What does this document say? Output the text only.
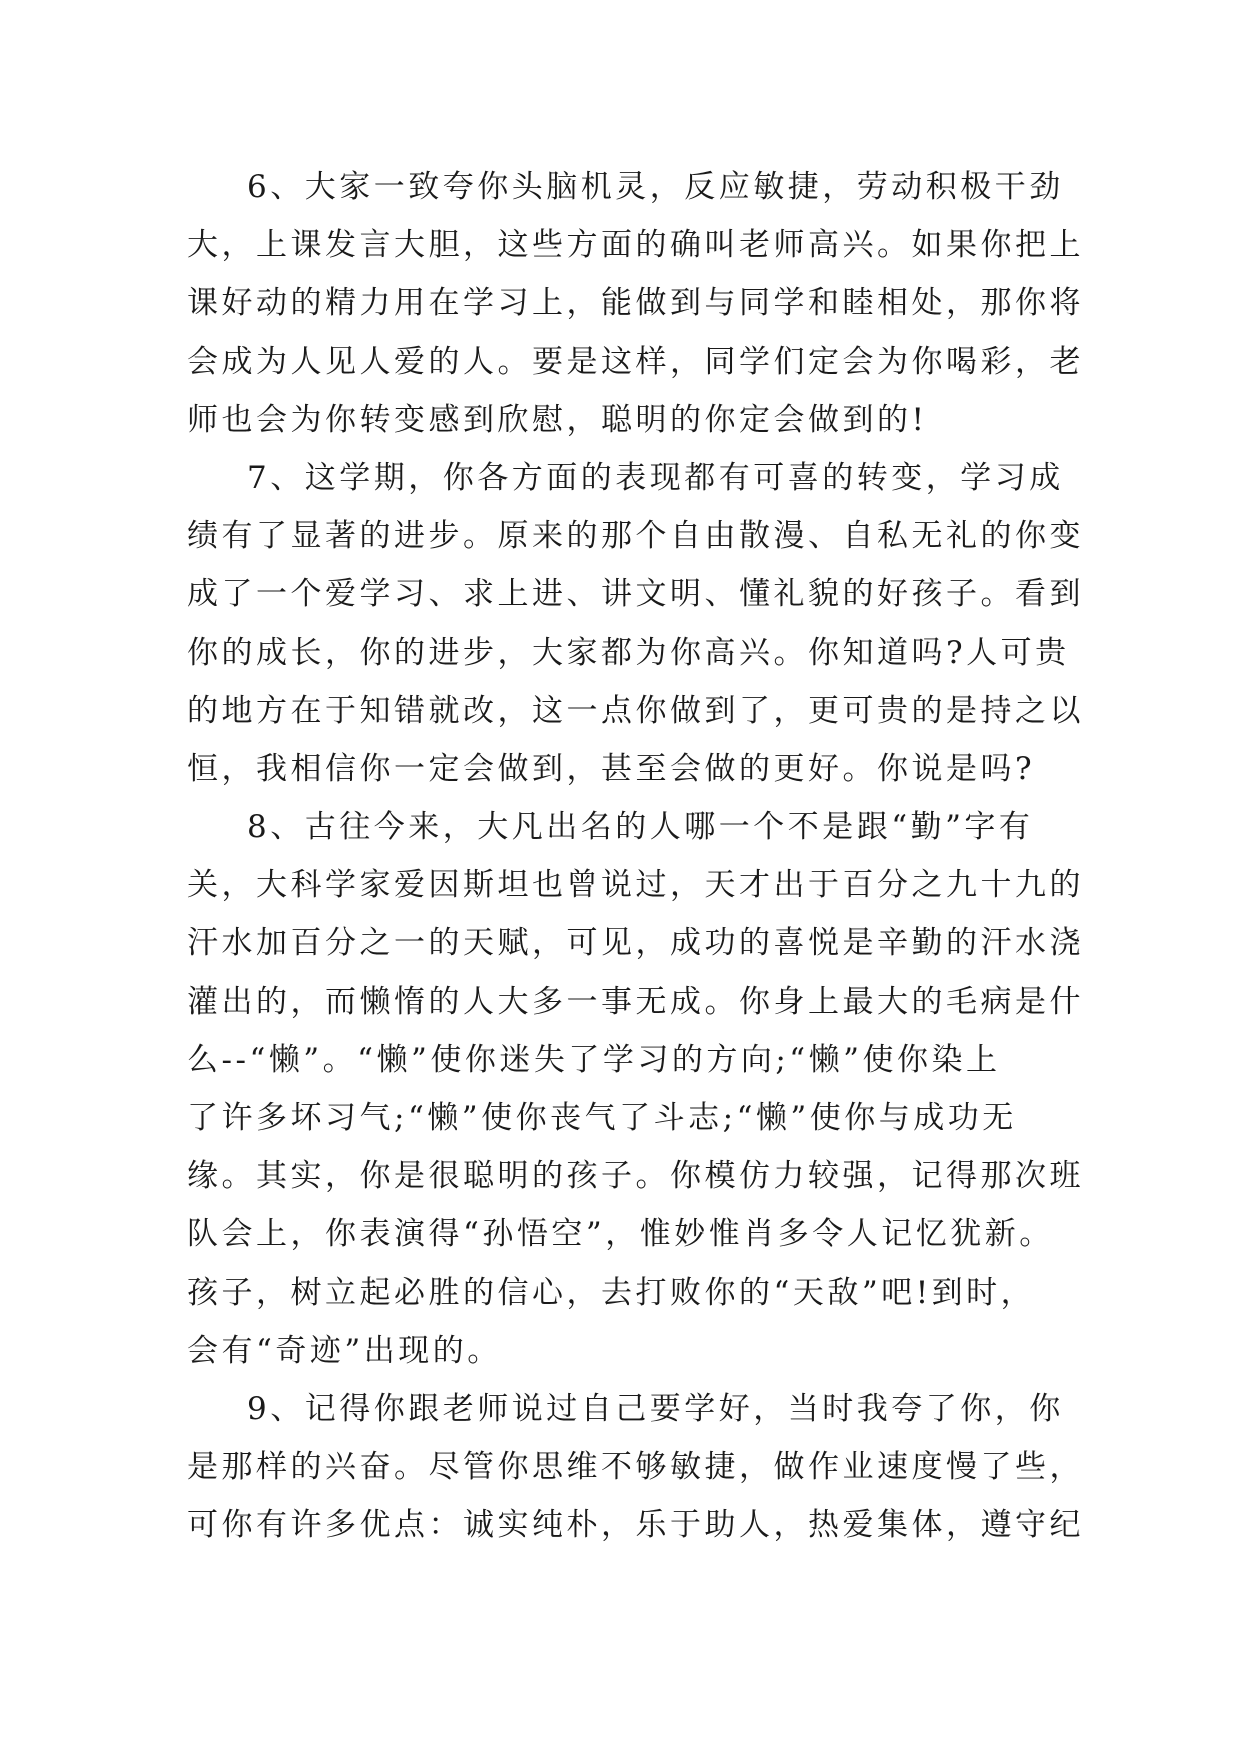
6、大家一致夸你头脑机灵，反应敏捷，劳动积极干劲
大，上课发言大胆，这些方面的确叫老师高兴。如果你把上
课好动的精力用在学习上，能做到与同学和睦相处，那你将
会成为人见人爱的人。要是这样，同学们定会为你喝彩，老
师也会为你转变感到欣慰，聪明的你定会做到的!
7、这学期，你各方面的表现都有可喜的转变，学习成
绩有了显著的进步。原来的那个自由散漫、自私无礼的你变
成了一个爱学习、求上进、讲文明、懂礼貌的好孩子。看到
你的成长，你的进步，大家都为你高兴。你知道吗?人可贵
的地方在于知错就改，这一点你做到了，更可贵的是持之以
恒，我相信你一定会做到，甚至会做的更好。你说是吗?
8、古往今来，大凡出名的人哪一个不是跟“勤”字有
关，大科学家爱因斯坦也曾说过，天才出于百分之九十九的
汗水加百分之一的天赋，可见，成功的喜悦是辛勤的汗水浇
灌出的，而懒惰的人大多一事无成。你身上最大的毛病是什
么--“懒”。“懒”使你迷失了学习的方向;“懒”使你染上
了许多坏习气;“懒”使你丧气了斗志;“懒”使你与成功无
缘。其实，你是很聪明的孩子。你模仿力较强，记得那次班
队会上，你表演得“孙悟空”，惟妙惟肖多令人记忆犹新。
孩子，树立起必胜的信心，去打败你的“天敌”吧!到时，
会有“奇迹”出现的。
9、记得你跟老师说过自己要学好，当时我夸了你，你
是那样的兴奋。尽管你思维不够敏捷，做作业速度慢了些，
可你有许多优点：诚实纯朴，乐于助人，热爱集体，遵守纪
